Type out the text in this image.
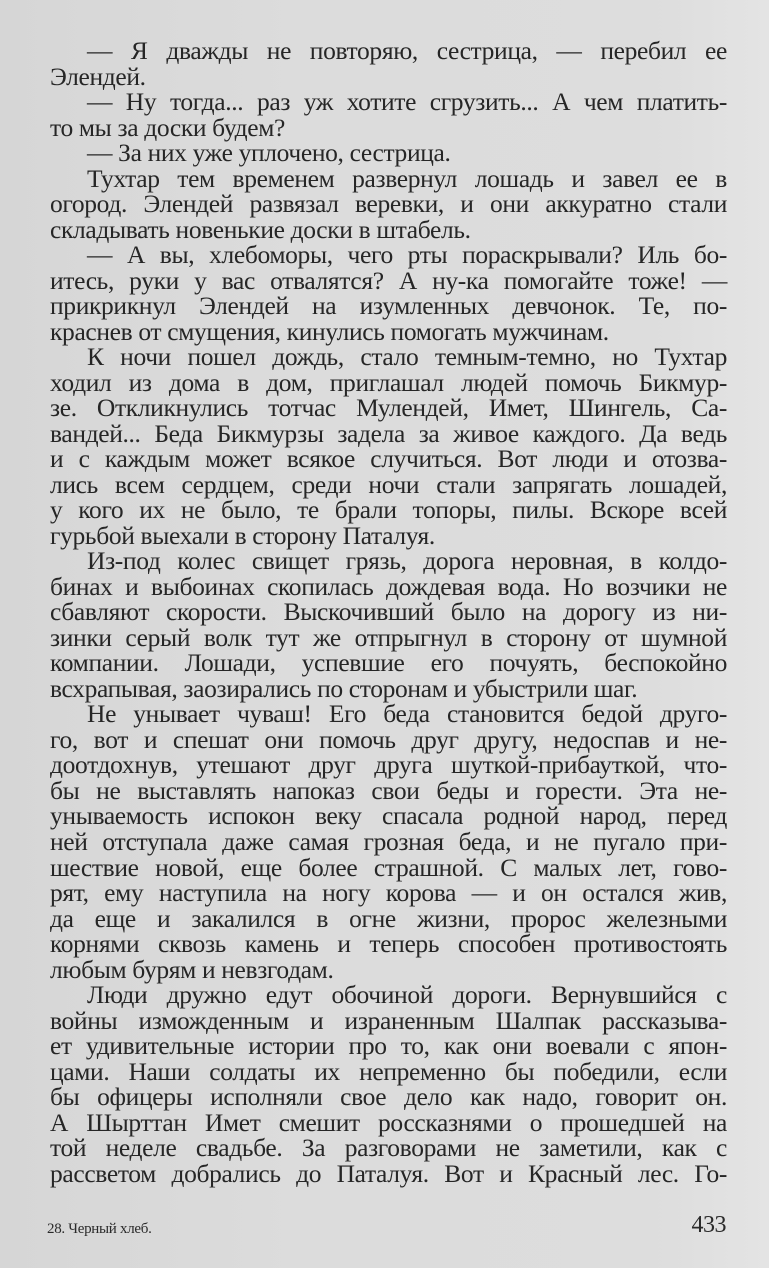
— Я дважды не повторяю, сестрица, — перебил ее
Элендей.
— Ну тогда... раз уж хотите сгрузить... А чем платить-
то мы за доски будем?
— За них уже уплочено, сестрица.
Тухтар тем временем развернул лошадь и завел ее в
огород. Элендей развязал веревки, и они аккуратно стали
складывать новенькие доски в штабель.
— А вы, хлебоморы, чего рты пораскрывали? Иль бо-
итесь, руки у вас отвалятся? А ну-ка помогайте тоже! —
прикрикнул Элендей на изумленных девчонок. Те, по-
краснев от смущения, кинулись помогать мужчинам.
К ночи пошел дождь, стало темным-темно, но Тухтар
ходил из дома в дом, приглашал людей помочь Бикмур-
зе. Откликнулись тотчас Мулендей, Имет, Шингель, Са-
вандей... Беда Бикмурзы задела за живое каждого. Да ведь
и с каждым может всякое случиться. Вот люди и отозва-
лись всем сердцем, среди ночи стали запрягать лошадей,
у кого их не было, те брали топоры, пилы. Вскоре всей
гурьбой выехали в сторону Паталуя.
Из-под колес свищет грязь, дорога неровная, в колдо-
бинах и выбоинах скопилась дождевая вода. Но возчики не
сбавляют скорости. Выскочивший было на дорогу из ни-
зинки серый волк тут же отпрыгнул в сторону от шумной
компании. Лошади, успевшие его почуять, беспокойно
всхрапывая, заозирались по сторонам и убыстрили шаг.
Не унывает чуваш! Его беда становится бедой друго-
го, вот и спешат они помочь друг другу, недоспав и не-
доотдохнув, утешают друг друга шуткой-прибауткой, что-
бы не выставлять напоказ свои беды и горести. Эта не-
унываемость испокон веку спасала родной народ, перед
ней отступала даже самая грозная беда, и не пугало при-
шествие новой, еще более страшной. С малых лет, гово-
рят, ему наступила на ногу корова — и он остался жив,
да еще и закалился в огне жизни, пророс железными
корнями сквозь камень и теперь способен противостоять
любым бурям и невзгодам.
Люди дружно едут обочиной дороги. Вернувшийся с
войны изможденным и израненным Шалпак рассказыва-
ет удивительные истории про то, как они воевали с япон-
цами. Наши солдаты их непременно бы победили, если
бы офицеры исполняли свое дело как надо, говорит он.
А Шырттан Имет смешит россказнями о прошедшей на
той неделе свадьбе. За разговорами не заметили, как с
рассветом добрались до Паталуя. Вот и Красный лес. Го-
28. Черный хлеб.	433
